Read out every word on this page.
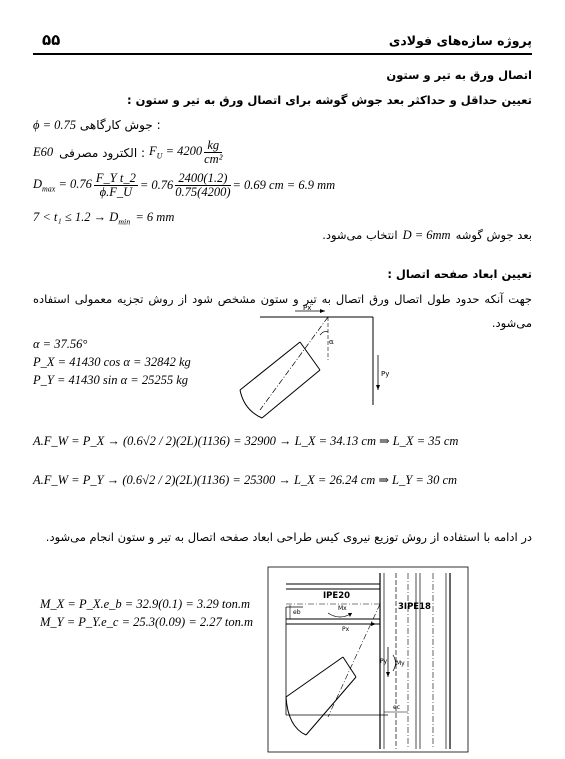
۵۵	پروژه سازه‌های فولادی
اتصال ورق به تیر و ستون
تعیین حداقل و حداکثر بعد جوش گوشه برای اتصال ورق به تیر و ستون :
ϕ = 0.75 : جوش کارگاهی
E60 : الکترود مصرفی $F_U = 4200 \frac{kg}{\text{cm²}}$
$D_{max} = 0.76 \frac{\text{F\_Y t\_2}}{\phi.F\_U} = 0.76 \frac{2400(1.2)}{0.75(4200)} = 0.69$ cm = 6.9 mm
$7 < t_1 \le 1.2 \to D_{min} = 6$ mm
بعد جوش گوشه
D = 6mm
انتخاب می‌شود.
تعیین ابعاد صفحه اتصال :
جهت آنکه حدود طول اتصال ورق اتصال به تیر و ستون مشخص شود از روش تجزیه معمولی استفاده می‌شود.
α = 37.56°
P_X = 41430 cos α = 32842 kg
P_Y = 41430 sin α = 25255 kg
Px
Py
α
A.F_W = P_X → (0.6√2 / 2)(2L)(1136) = 32900 → L_X = 34.13 cm ⇒ L_X = 35 cm
A.F_W = P_Y → (0.6√2 / 2)(2L)(1136) = 25300 → L_X = 26.24 cm ⇒ L_Y = 30 cm
در ادامه با استفاده از روش توزیع نیروی کیس طراحی ابعاد صفحه اتصال به تیر و ستون انجام می‌شود.
M_X = P_X.e_b = 32.9(0.1) = 3.29 ton.m
M_Y = P_Y.e_c = 25.3(0.09) = 2.27 ton.m
IPE20
3IPE18
eb
ec
Mx
Px
Py My
